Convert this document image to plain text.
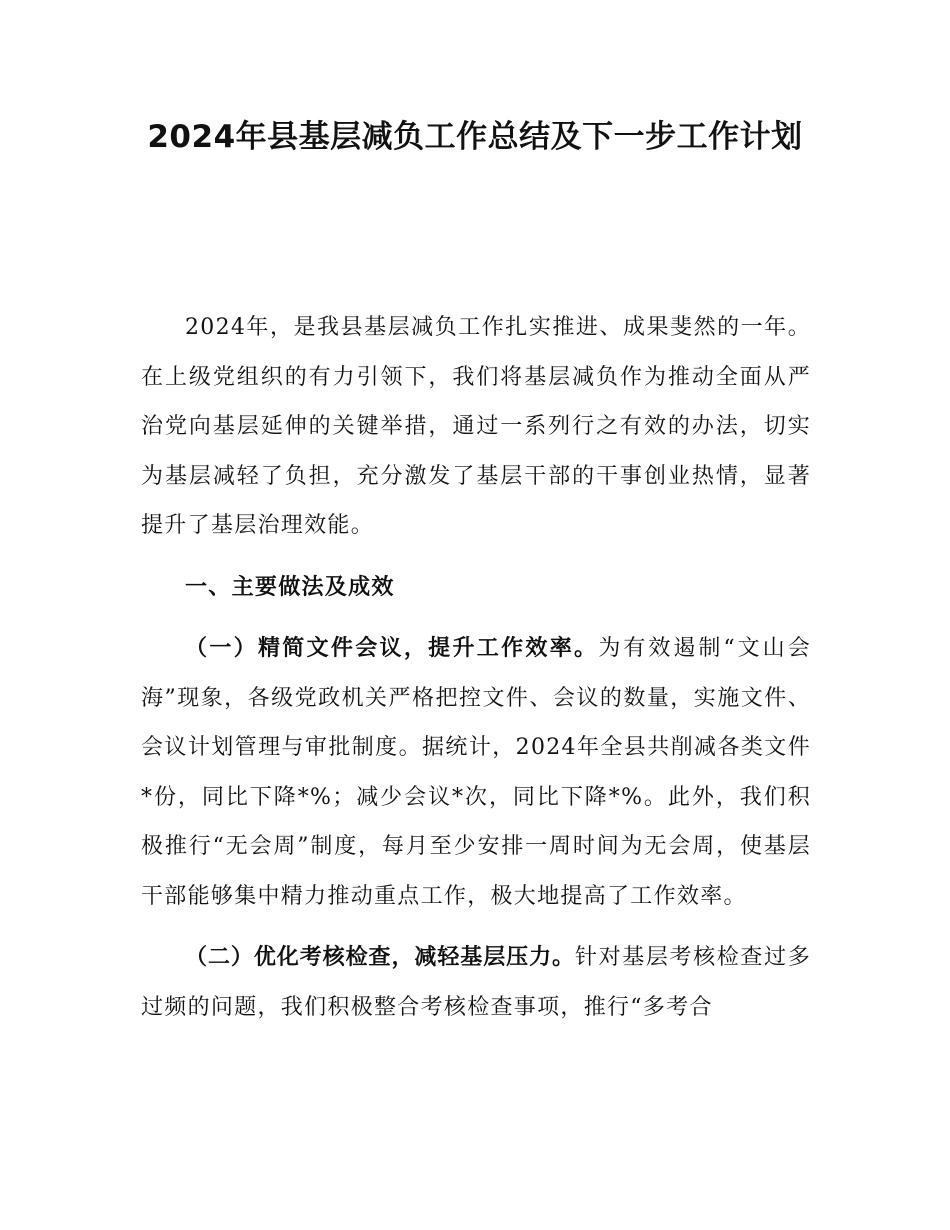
2024年县基层减负工作总结及下一步工作计划

2024年，是我县基层减负工作扎实推进、成果斐然的一年。在上级党组织的有力引领下，我们将基层减负作为推动全面从严治党向基层延伸的关键举措，通过一系列行之有效的办法，切实为基层减轻了负担，充分激发了基层干部的干事创业热情，显著提升了基层治理效能。

一、主要做法及成效

（一）精简文件会议，提升工作效率。为有效遏制“文山会海”现象，各级党政机关严格把控文件、会议的数量，实施文件、会议计划管理与审批制度。据统计，2024年全县共削减各类文件*份，同比下降*%；减少会议*次，同比下降*%。此外，我们积极推行“无会周”制度，每月至少安排一周时间为无会周，使基层干部能够集中精力推动重点工作，极大地提高了工作效率。

（二）优化考核检查，减轻基层压力。针对基层考核检查过多过频的问题，我们积极整合考核检查事项，推行“多考合
